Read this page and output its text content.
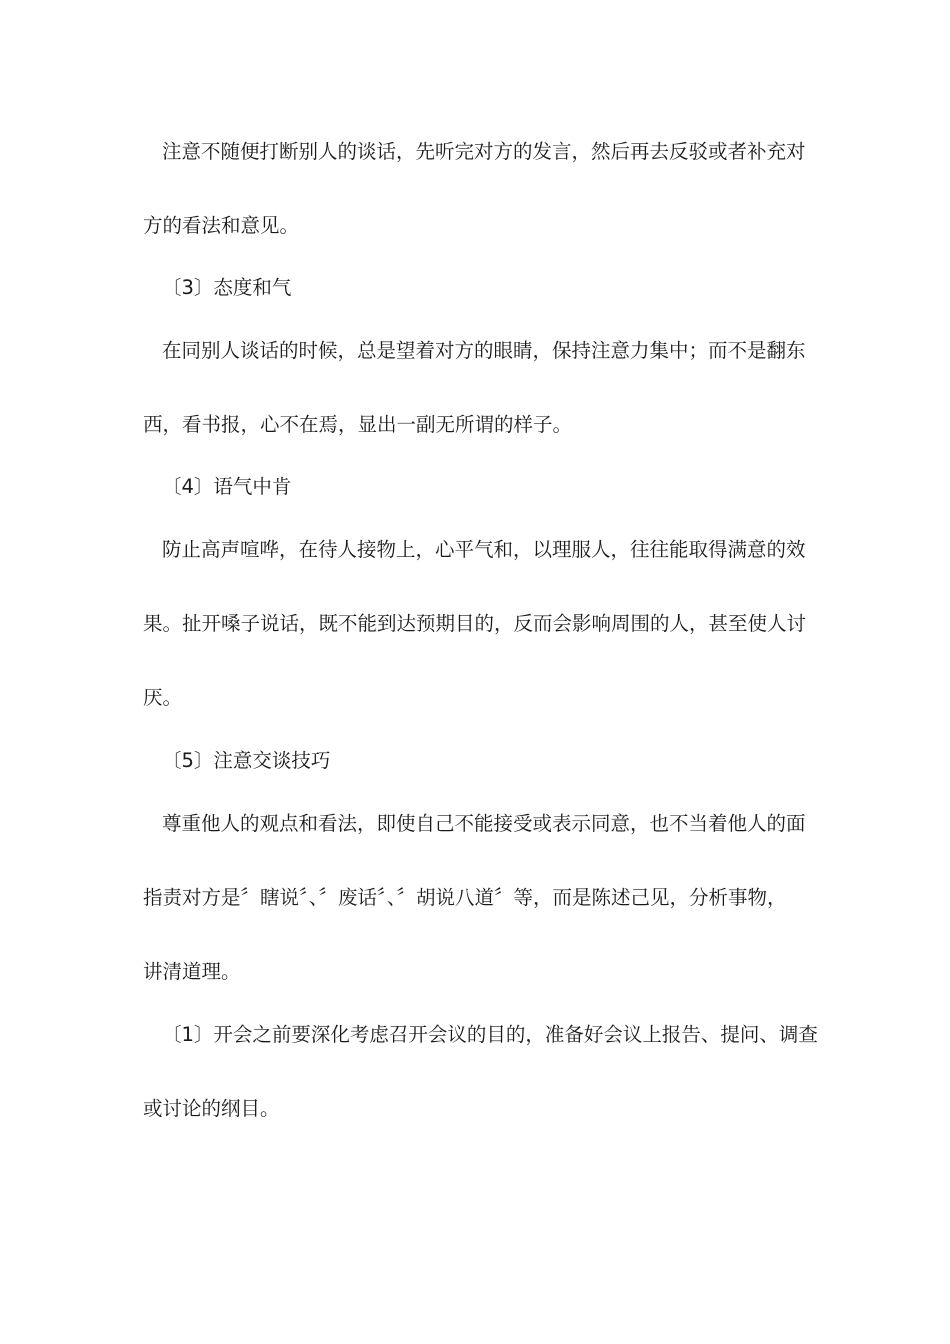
注意不随便打断别人的谈话，先听完对方的发言，然后再去反驳或者补充对
方的看法和意见。
〔3〕态度和气
在同别人谈话的时候，总是望着对方的眼睛，保持注意力集中；而不是翻东
西，看书报，心不在焉，显出一副无所谓的样子。
〔4〕语气中肯
防止高声喧哗，在待人接物上，心平气和，以理服人，往往能取得满意的效
果。扯开嗓子说话，既不能到达预期目的，反而会影响周围的人，甚至使人讨
厌。
〔5〕注意交谈技巧
尊重他人的观点和看法，即使自己不能接受或表示同意，也不当着他人的面
指责对方是〞瞎说〞、〞废话〞、〞胡说八道〞等，而是陈述己见，分析事物，
讲清道理。
〔1〕开会之前要深化考虑召开会议的目的，准备好会议上报告、提问、调查
或讨论的纲目。
